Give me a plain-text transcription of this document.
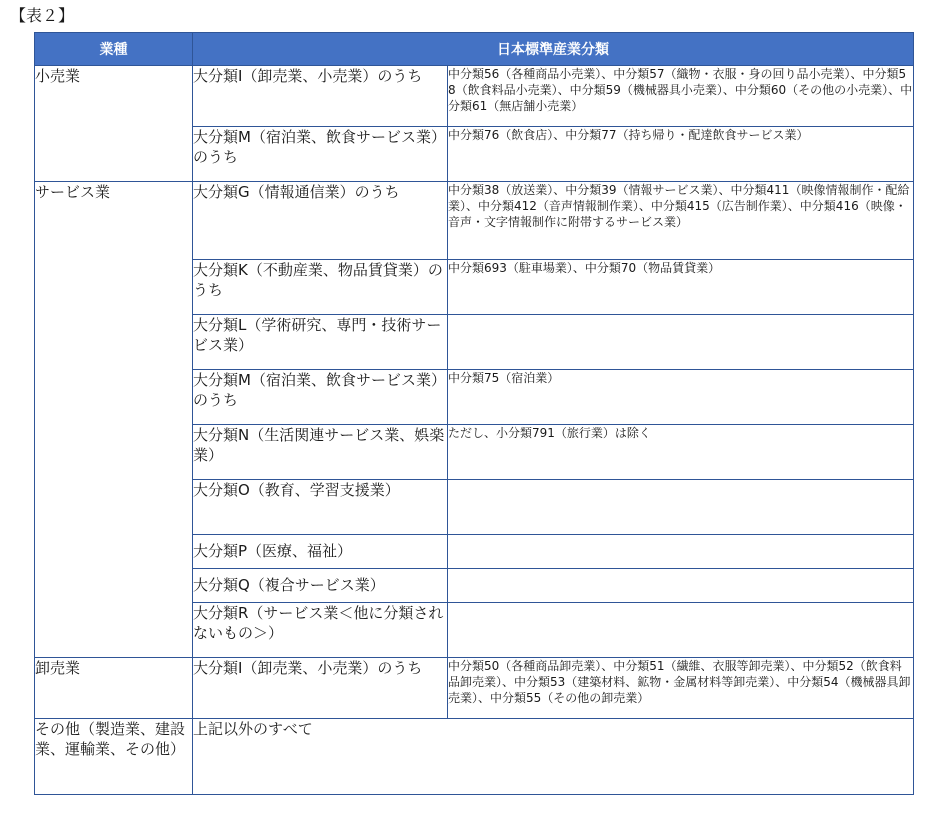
【表２】
業種	日本標準産業分類	
小売業	大分類I（卸売業、小売業）のうち	中分類56（各種商品小売業）、中分類57（織物・衣服・身の回り品小売業）、中分類58（飲食料品小売業）、中分類59（機械器具小売業）、中分類60（その他の小売業）、中分類61（無店舗小売業）
	大分類M（宿泊業、飲食サービス業）のうち	中分類76（飲食店）、中分類77（持ち帰り・配達飲食サービス業）
サービス業	大分類G（情報通信業）のうち	中分類38（放送業）、中分類39（情報サービス業）、中分類411（映像情報制作・配給業）、中分類412（音声情報制作業）、中分類415（広告制作業）、中分類416（映像・音声・文字情報制作に附帯するサービス業）
	大分類K（不動産業、物品賃貸業）のうち	中分類693（駐車場業）、中分類70（物品賃貸業）
	大分類L（学術研究、専門・技術サービス業）	
	大分類M（宿泊業、飲食サービス業）のうち	中分類75（宿泊業）
	大分類N（生活関連サービス業、娯楽業）	ただし、小分類791（旅行業）は除く
	大分類O（教育、学習支援業）	
	大分類P（医療、福祉）	
	大分類Q（複合サービス業）	
	大分類R（サービス業＜他に分類されないもの＞）	
卸売業	大分類I（卸売業、小売業）のうち	中分類50（各種商品卸売業）、中分類51（繊維、衣服等卸売業）、中分類52（飲食料品卸売業）、中分類53（建築材料、鉱物・金属材料等卸売業）、中分類54（機械器具卸売業）、中分類55（その他の卸売業）
その他（製造業、建設業、運輸業、その他）	上記以外のすべて	
